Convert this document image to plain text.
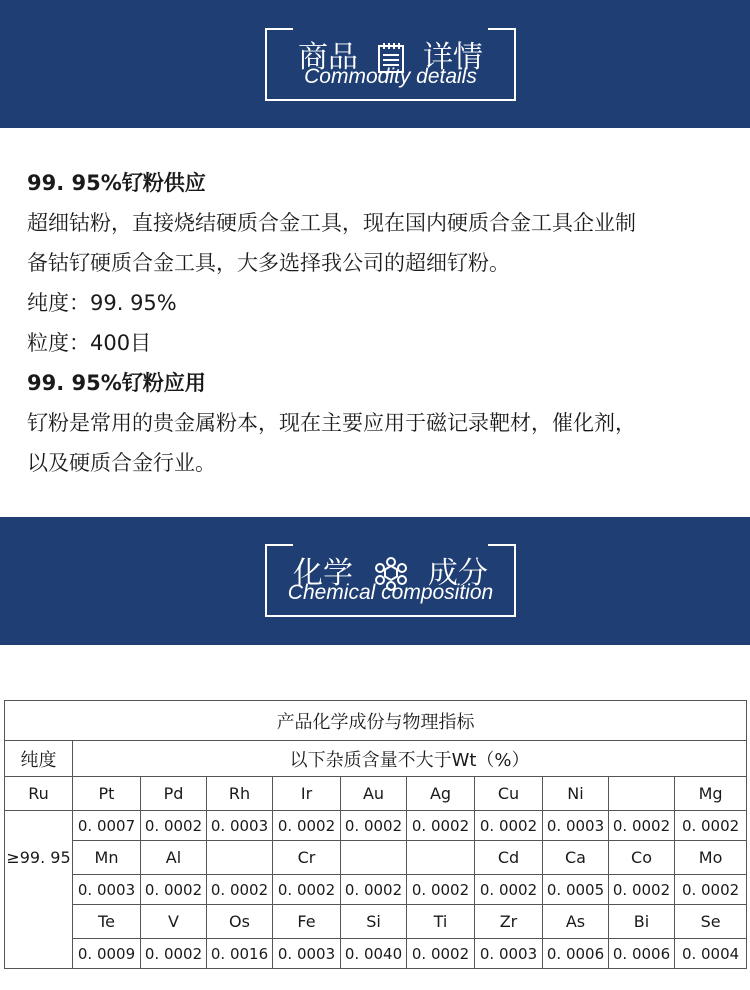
商品 详情
Commodity details

99. 95%钌粉供应

超细钴粉，直接烧结硬质合金工具，现在国内硬质合金工具企业制

备钴钌硬质合金工具，大多选择我公司的超细钌粉。

纯度：99. 95%

粒度：400目

99. 95%钌粉应用

钌粉是常用的贵金属粉本，现在主要应用于磁记录靶材，催化剂，

以及硬质合金行业。

化学	成分
Chemical composition
产品化学成份与物理指标										
纯度	以下杂质含量不大于Wt（%）									
Ru	Pt	Pd	Rh	Ir	Au	Ag	Cu	Ni		Mg
	0. 0007	0. 0002	0. 0003	0. 0002	0. 0002	0. 0002	0. 0002	0. 0003	0. 0002	0. 0002
≥99. 95	Mn	Al		Cr			Cd	Ca	Co	Mo
	0. 0003	0. 0002	0. 0002	0. 0002	0. 0002	0. 0002	0. 0002	0. 0005	0. 0002	0. 0002
	Te	V	Os	Fe	Si	Ti	Zr	As	Bi	Se
	0. 0009	0. 0002	0. 0016	0. 0003	0. 0040	0. 0002	0. 0003	0. 0006	0. 0006	0. 0004
